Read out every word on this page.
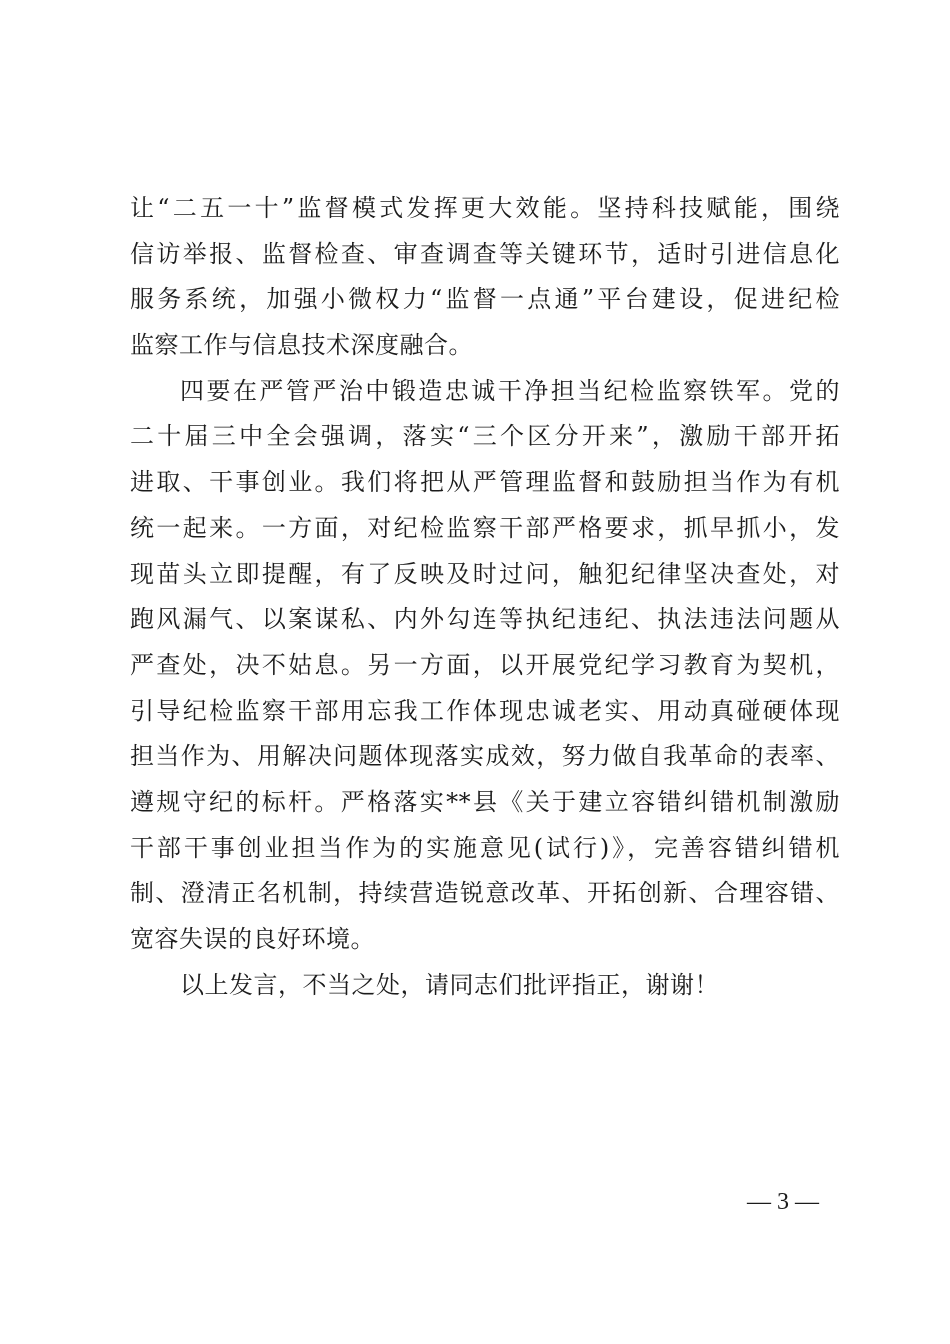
让“二五一十”监督模式发挥更大效能。坚持科技赋能，围绕
信访举报、监督检查、审查调查等关键环节，适时引进信息化
服务系统，加强小微权力“监督一点通”平台建设，促进纪检
监察工作与信息技术深度融合。
四要在严管严治中锻造忠诚干净担当纪检监察铁军。党的
二十届三中全会强调，落实“三个区分开来”，激励干部开拓
进取、干事创业。我们将把从严管理监督和鼓励担当作为有机
统一起来。一方面，对纪检监察干部严格要求，抓早抓小，发
现苗头立即提醒，有了反映及时过问，触犯纪律坚决查处，对
跑风漏气、以案谋私、内外勾连等执纪违纪、执法违法问题从
严查处，决不姑息。另一方面，以开展党纪学习教育为契机，
引导纪检监察干部用忘我工作体现忠诚老实、用动真碰硬体现
担当作为、用解决问题体现落实成效，努力做自我革命的表率、
遵规守纪的标杆。严格落实**县《关于建立容错纠错机制激励
干部干事创业担当作为的实施意见(试行)》，完善容错纠错机
制、澄清正名机制，持续营造锐意改革、开拓创新、合理容错、
宽容失误的良好环境。
以上发言，不当之处，请同志们批评指正，谢谢！
— 3 —
